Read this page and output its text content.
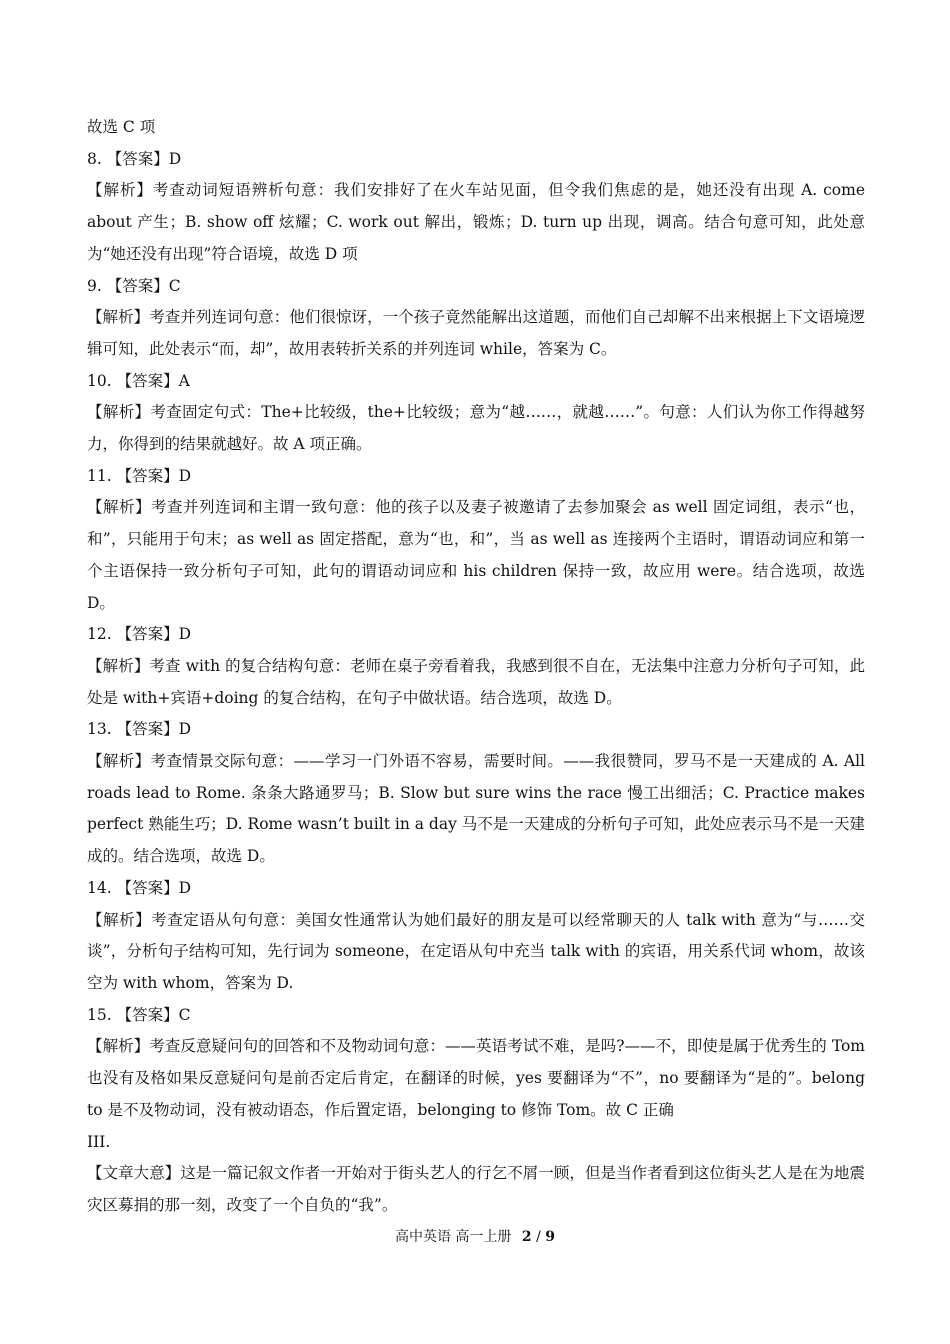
故选 C 项
8. 【答案】D
【解析】考查动词短语辨析句意：我们安排好了在火车站见面，但令我们焦虑的是，她还没有出现 A. come about 产生；B. show off 炫耀；C. work out 解出，锻炼；D. turn up 出现，调高。结合句意可知，此处意为“她还没有出现”符合语境，故选 D 项
9. 【答案】C
【解析】考查并列连词句意：他们很惊讶，一个孩子竟然能解出这道题，而他们自己却解不出来根据上下文语境逻辑可知，此处表示“而，却”，故用表转折关系的并列连词 while，答案为 C。
10. 【答案】A
【解析】考查固定句式：The+比较级，the+比较级；意为“越……，就越……”。句意：人们认为你工作得越努力，你得到的结果就越好。故 A 项正确。
11. 【答案】D
【解析】考查并列连词和主谓一致句意：他的孩子以及妻子被邀请了去参加聚会 as well 固定词组，表示“也，和”，只能用于句末；as well as 固定搭配，意为“也，和”，当 as well as 连接两个主语时，谓语动词应和第一个主语保持一致分析句子可知，此句的谓语动词应和 his children 保持一致，故应用 were。结合选项，故选 D。
12. 【答案】D
【解析】考查 with 的复合结构句意：老师在桌子旁看着我，我感到很不自在，无法集中注意力分析句子可知，此处是 with+宾语+doing 的复合结构，在句子中做状语。结合选项，故选 D。
13. 【答案】D
【解析】考查情景交际句意：——学习一门外语不容易，需要时间。——我很赞同，罗马不是一天建成的 A. All roads lead to Rome. 条条大路通罗马；B. Slow but sure wins the race 慢工出细活；C. Practice makes perfect 熟能生巧；D. Rome wasn’t built in a day 马不是一天建成的分析句子可知，此处应表示马不是一天建成的。结合选项，故选 D。
14. 【答案】D
【解析】考查定语从句句意：美国女性通常认为她们最好的朋友是可以经常聊天的人 talk with 意为“与……交谈”，分析句子结构可知，先行词为 someone，在定语从句中充当 talk with 的宾语，用关系代词 whom，故该空为 with whom，答案为 D.
15. 【答案】C
【解析】考查反意疑问句的回答和不及物动词句意：——英语考试不难，是吗?——不，即使是属于优秀生的 Tom 也没有及格如果反意疑问句是前否定后肯定，在翻译的时候，yes 要翻译为“不”，no 要翻译为“是的”。belong to 是不及物动词，没有被动语态，作后置定语，belonging to 修饰 Tom。故 C 正确
III.
【文章大意】这是一篇记叙文作者一开始对于街头艺人的行乞不屑一顾，但是当作者看到这位街头艺人是在为地震灾区募捐的那一刻，改变了一个自负的“我”。
高中英语 高一上册 2 / 9
